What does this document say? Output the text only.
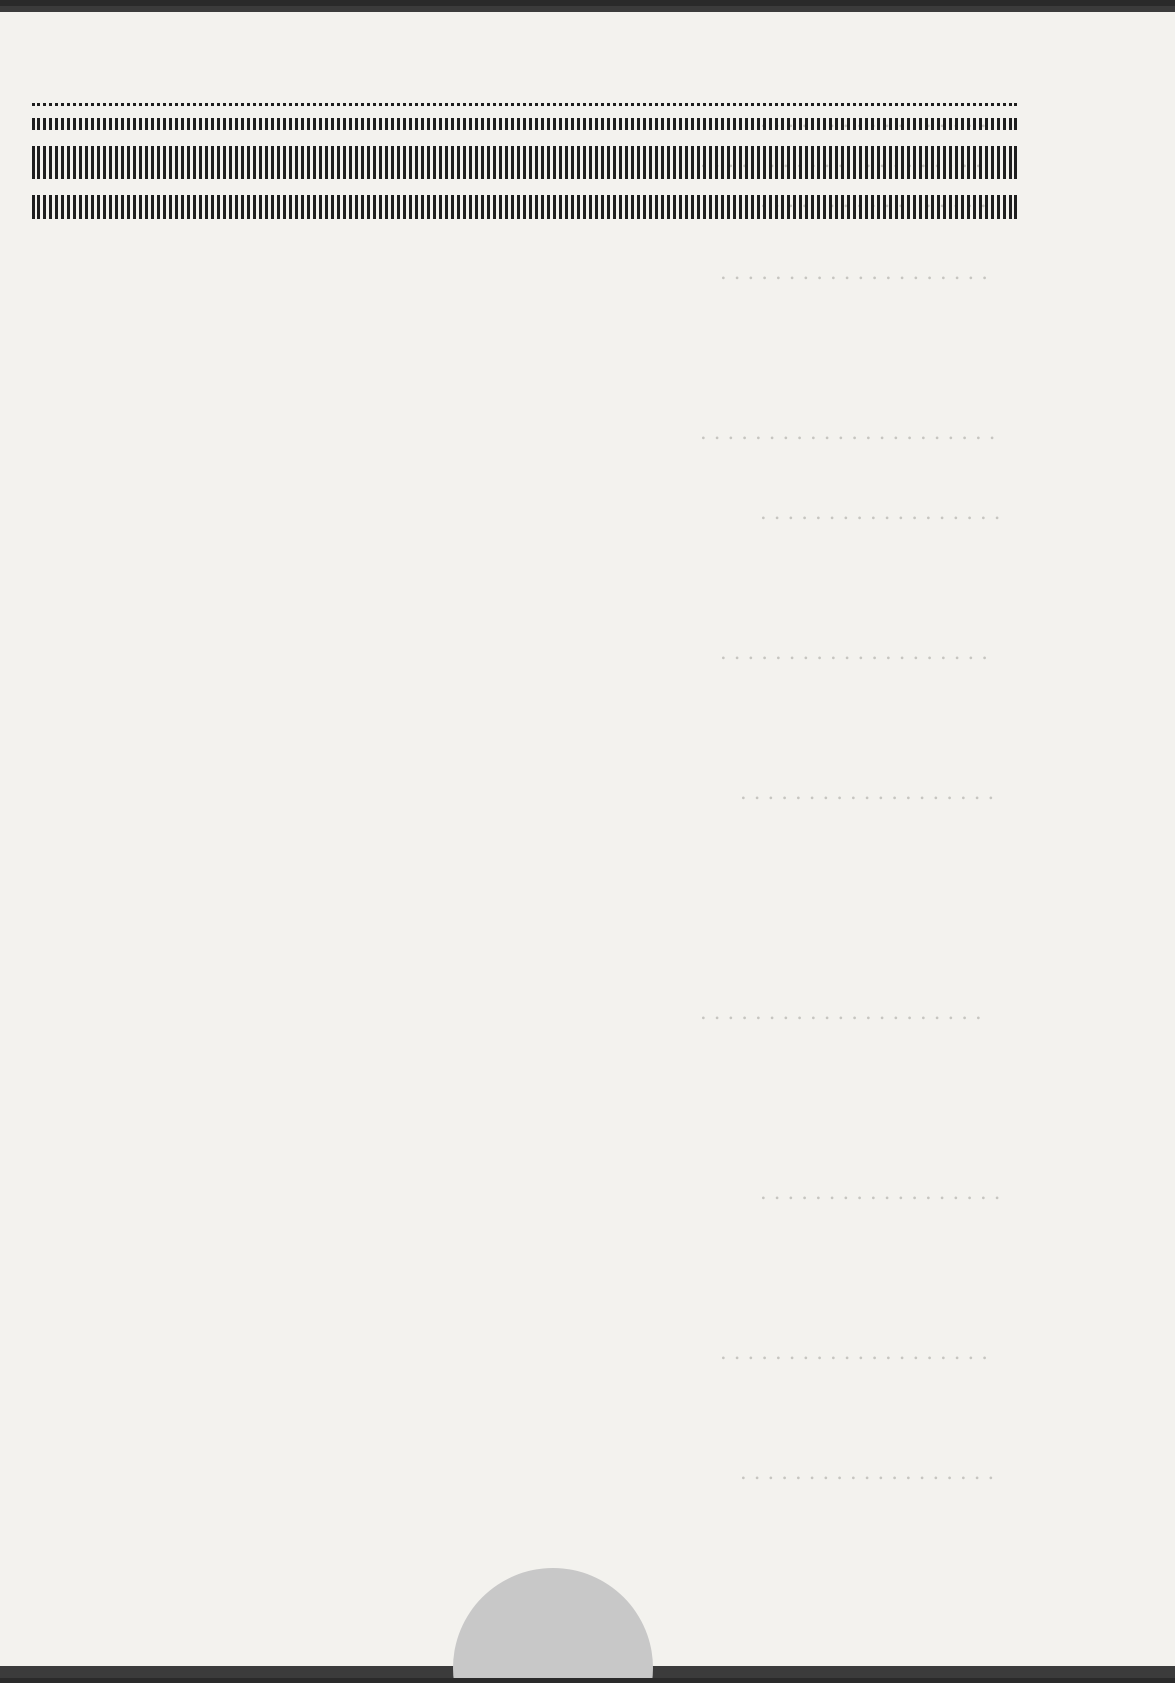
. . . . . . . . . . . . . . . . .
. . . . . . . . . . . . . . . . . . . . .
. . . . . . . . . . . . . . . . .
. . . . . . . . . . . . . . . . . . . .
. . . . . . . . . . . . . . . . . . . . . .
. . . . . . . . . . . . . . . . . .
. . . . . . . . . . . . . . . . . . . .
. . . . . . . . . . . . . . . . . . .
. . . . . . . . . . . . . . . . . . . . .
. . . . . . . . . . . . . . . . . .
. . . . . . . . . . . . . . . . . . . .
. . . . . . . . . . . . . . . . . . .
